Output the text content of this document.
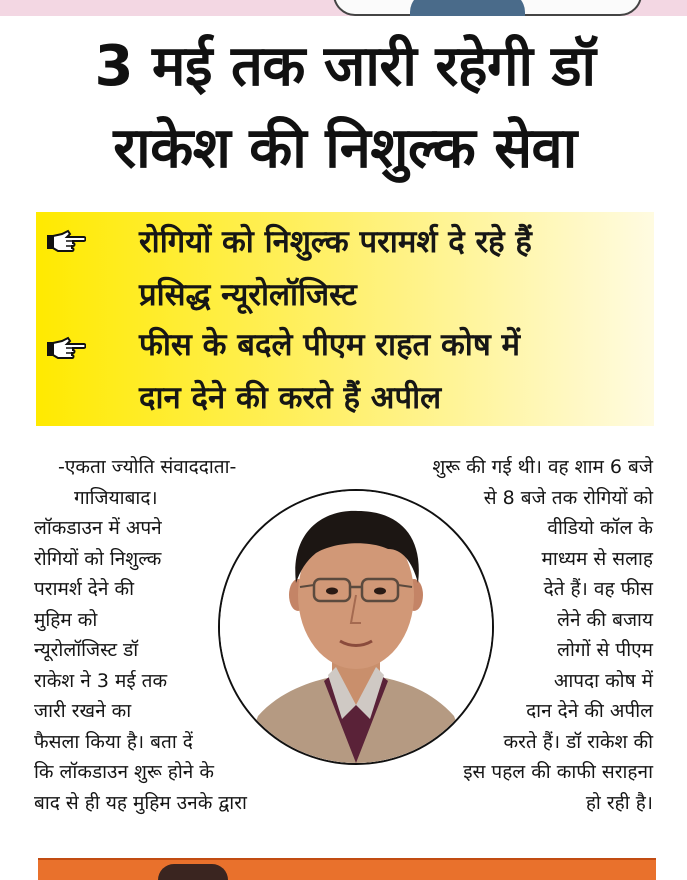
3 मई तक जारी रहेगी डॉ
राकेश की निशुल्क सेवा
रोगियों को निशुल्क परामर्श दे रहे हैं
प्रसिद्ध न्यूरोलॉजिस्ट
फीस के बदले पीएम राहत कोष में
दान देने की करते हैं अपील
-एकता ज्योति संवाददाता-
गाजियाबाद।
लॉकडाउन में अपने
रोगियों को निशुल्क
परामर्श देने की
मुहिम को
न्यूरोलॉजिस्ट डॉ
राकेश ने 3 मई तक
जारी रखने का
फैसला किया है। बता दें
कि लॉकडाउन शुरू होने के
बाद से ही यह मुहिम उनके द्वारा
शुरू की गई थी। वह शाम 6 बजे
से 8 बजे तक रोगियों को
वीडियो कॉल के
माध्यम से सलाह
देते हैं। वह फीस
लेने की बजाय
लोगों से पीएम
आपदा कोष में
दान देने की अपील
करते हैं। डॉ राकेश की
इस पहल की काफी सराहना
हो रही है।
